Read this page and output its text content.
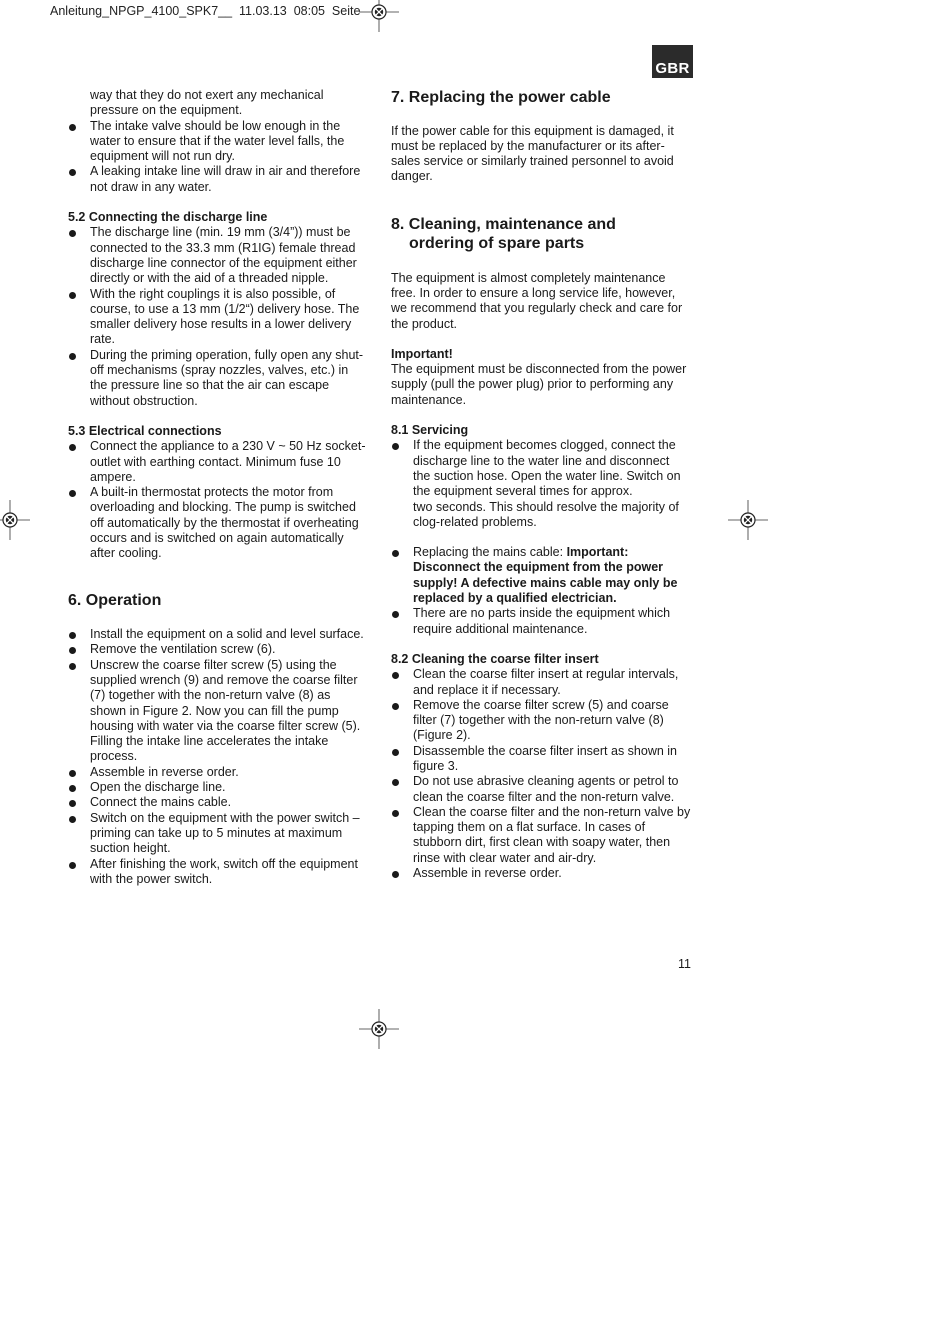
Anleitung_NPGP_4100_SPK7__  11.03.13  08:05  Seite
GBR
way that they do not exert any mechanical
pressure on the equipment.
The intake valve should be low enough in the
water to ensure that if the water level falls, the
equipment will not run dry.
A leaking intake line will draw in air and therefore
not draw in any water.

5.2 Connecting the discharge line

The discharge line (min. 19 mm (3/4”)) must be
connected to the 33.3 mm (R1IG) female thread
discharge line connector of the equipment either
directly or with the aid of a threaded nipple.
With the right couplings it is also possible, of
course, to use a 13 mm (1/2“) delivery hose. The
smaller delivery hose results in a lower delivery
rate.
During the priming operation, fully open any shut-
off mechanisms (spray nozzles, valves, etc.) in
the pressure line so that the air can escape
without obstruction.

5.3 Electrical connections

Connect the appliance to a 230 V ~ 50 Hz socket-
outlet with earthing contact. Minimum fuse 10
ampere.
A built-in thermostat protects the motor from
overloading and blocking. The pump is switched
off automatically by the thermostat if overheating
occurs and is switched on again automatically
after cooling.

6. Operation

Install the equipment on a solid and level surface.
Remove the ventilation screw (6).
Unscrew the coarse filter screw (5) using the
supplied wrench (9) and remove the coarse filter
(7) together with the non-return valve (8) as
shown in Figure 2. Now you can fill the pump
housing with water via the coarse filter screw (5).
Filling the intake line accelerates the intake
process.
Assemble in reverse order.
Open the discharge line.
Connect the mains cable.
Switch on the equipment with the power switch –
priming can take up to 5 minutes at maximum
suction height.
After finishing the work, switch off the equipment
with the power switch.

7. Replacing the power cable

If the power cable for this equipment is damaged, it
must be replaced by the manufacturer or its after-
sales service or similarly trained personnel to avoid
danger.

8. Cleaning, maintenance and
ordering of spare parts

The equipment is almost completely maintenance
free. In order to ensure a long service life, however,
we recommend that you regularly check and care for
the product.

Important!

The equipment must be disconnected from the power
supply (pull the power plug) prior to performing any
maintenance.

8.1 Servicing

If the equipment becomes clogged, connect the
discharge line to the water line and disconnect
the suction hose. Open the water line. Switch on
the equipment several times for approx.
two seconds. This should resolve the majority of
clog-related problems.
Replacing the mains cable: Important:
Disconnect the equipment from the power
supply! A defective mains cable may only be
replaced by a qualified electrician.
There are no parts inside the equipment which
require additional maintenance.

8.2 Cleaning the coarse filter insert

Clean the coarse filter insert at regular intervals,
and replace it if necessary.
Remove the coarse filter screw (5) and coarse
filter (7) together with the non-return valve (8)
(Figure 2).
Disassemble the coarse filter insert as shown in
figure 3.
Do not use abrasive cleaning agents or petrol to
clean the coarse filter and the non-return valve.
Clean the coarse filter and the non-return valve by
tapping them on a flat surface. In cases of
stubborn dirt, first clean with soapy water, then
rinse with clear water and air-dry.
Assemble in reverse order.
11
